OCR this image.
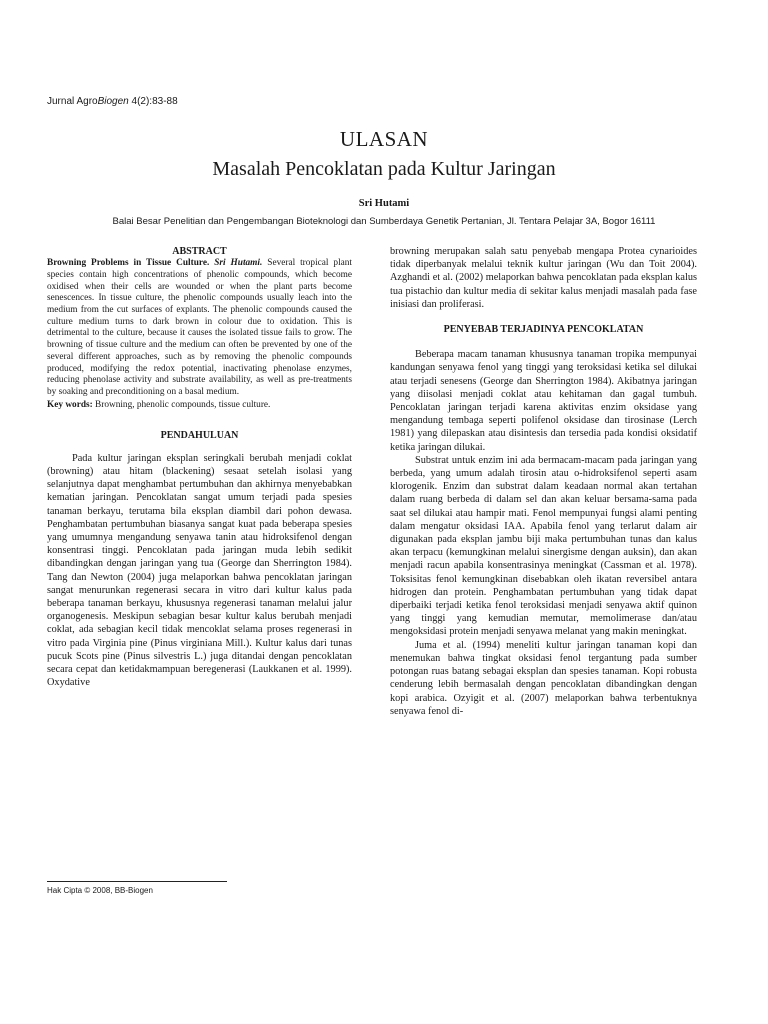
Jurnal AgroBiogen 4(2):83-88
ULASAN
Masalah Pencoklatan pada Kultur Jaringan
Sri Hutami
Balai Besar Penelitian dan Pengembangan Bioteknologi dan Sumberdaya Genetik Pertanian, Jl. Tentara Pelajar 3A, Bogor 16111

ABSTRACT

Browning Problems in Tissue Culture. Sri Hutami. Several tropical plant species contain high concentrations of phenolic compounds, which become oxidised when their cells are wounded or when the plant parts become senescences. In tissue culture, the phenolic compounds usually leach into the medium from the cut surfaces of explants. The phenolic compounds caused the culture medium turns to dark brown in colour due to oxidation. This is detrimental to the culture, because it causes the isolated tissue fails to grow. The browning of tissue culture and the medium can often be prevented by one of the several different approaches, such as by removing the phenolic compounds produced, modifying the redox potential, inactivating phenolase enzymes, reducing phenolase activity and substrate availability, as well as pre-treatments by soaking and preconditioning on a basal medium.

Key words: Browning, phenolic compounds, tissue culture.

PENDAHULUAN

Pada kultur jaringan eksplan seringkali berubah menjadi coklat (browning) atau hitam (blackening) sesaat setelah isolasi yang selanjutnya dapat menghambat pertumbuhan dan akhirnya menyebabkan kematian jaringan. Pencoklatan sangat umum terjadi pada spesies tanaman berkayu, terutama bila eksplan diambil dari pohon dewasa. Penghambatan pertumbuhan biasanya sangat kuat pada beberapa spesies yang umumnya mengandung senyawa tanin atau hidroksifenol dengan konsentrasi tinggi. Pencoklatan pada jaringan muda lebih sedikit dibandingkan dengan jaringan yang tua (George dan Sherrington 1984). Tang dan Newton (2004) juga melaporkan bahwa pencoklatan jaringan sangat menurunkan regenerasi secara in vitro dari kultur kalus pada beberapa tanaman berkayu, khususnya regenerasi tanaman melalui jalur organogenesis. Meskipun sebagian besar kultur kalus berubah menjadi coklat, ada sebagian kecil tidak mencoklat selama proses regenerasi in vitro pada Virginia pine (Pinus virginiana Mill.). Kultur kalus dari tunas pucuk Scots pine (Pinus silvestris L.) juga ditandai dengan pencoklatan secara cepat dan ketidakmampuan beregenerasi (Laukkanen et al. 1999). Oxydative

browning merupakan salah satu penyebab mengapa Protea cynarioides tidak diperbanyak melalui teknik kultur jaringan (Wu dan Toit 2004). Azghandi et al. (2002) melaporkan bahwa pencoklatan pada eksplan kalus tua pistachio dan kultur media di sekitar kalus menjadi masalah pada fase inisiasi dan proliferasi.

PENYEBAB TERJADINYA PENCOKLATAN

Beberapa macam tanaman khususnya tanaman tropika mempunyai kandungan senyawa fenol yang tinggi yang teroksidasi ketika sel dilukai atau terjadi senesens (George dan Sherrington 1984). Akibatnya jaringan yang diisolasi menjadi coklat atau kehitaman dan gagal tumbuh. Pencoklatan jaringan terjadi karena aktivitas enzim oksidase yang mengandung tembaga seperti polifenol oksidase dan tirosinase (Lerch 1981) yang dilepaskan atau disintesis dan tersedia pada kondisi oksidatif ketika jaringan dilukai.

Substrat untuk enzim ini ada bermacam-macam pada jaringan yang berbeda, yang umum adalah tirosin atau o-hidroksifenol seperti asam klorogenik. Enzim dan substrat dalam keadaan normal akan tertahan dalam ruang berbeda di dalam sel dan akan keluar bersama-sama pada saat sel dilukai atau hampir mati. Fenol mempunyai fungsi alami penting dalam mengatur oksidasi IAA. Apabila fenol yang terlarut dalam air digunakan pada eksplan jambu biji maka pertumbuhan tunas dan kalus akan terpacu (kemungkinan melalui sinergisme dengan auksin), dan akan menjadi racun apabila konsentrasinya meningkat (Cassman et al. 1978). Toksisitas fenol kemungkinan disebabkan oleh ikatan reversibel antara hidrogen dan protein. Penghambatan pertumbuhan yang tidak dapat diperbaiki terjadi ketika fenol teroksidasi menjadi senyawa aktif quinon yang tinggi yang kemudian memutar, memolimerase dan/atau mengoksidasi protein menjadi senyawa melanat yang makin meningkat.

Juma et al. (1994) meneliti kultur jaringan tanaman kopi dan menemukan bahwa tingkat oksidasi fenol tergantung pada sumber potongan ruas batang sebagai eksplan dan spesies tanaman. Kopi robusta cenderung lebih bermasalah dengan pencoklatan dibandingkan dengan kopi arabica. Ozyigit et al. (2007) melaporkan bahwa terbentuknya senyawa fenol di-

Hak Cipta © 2008, BB-Biogen
